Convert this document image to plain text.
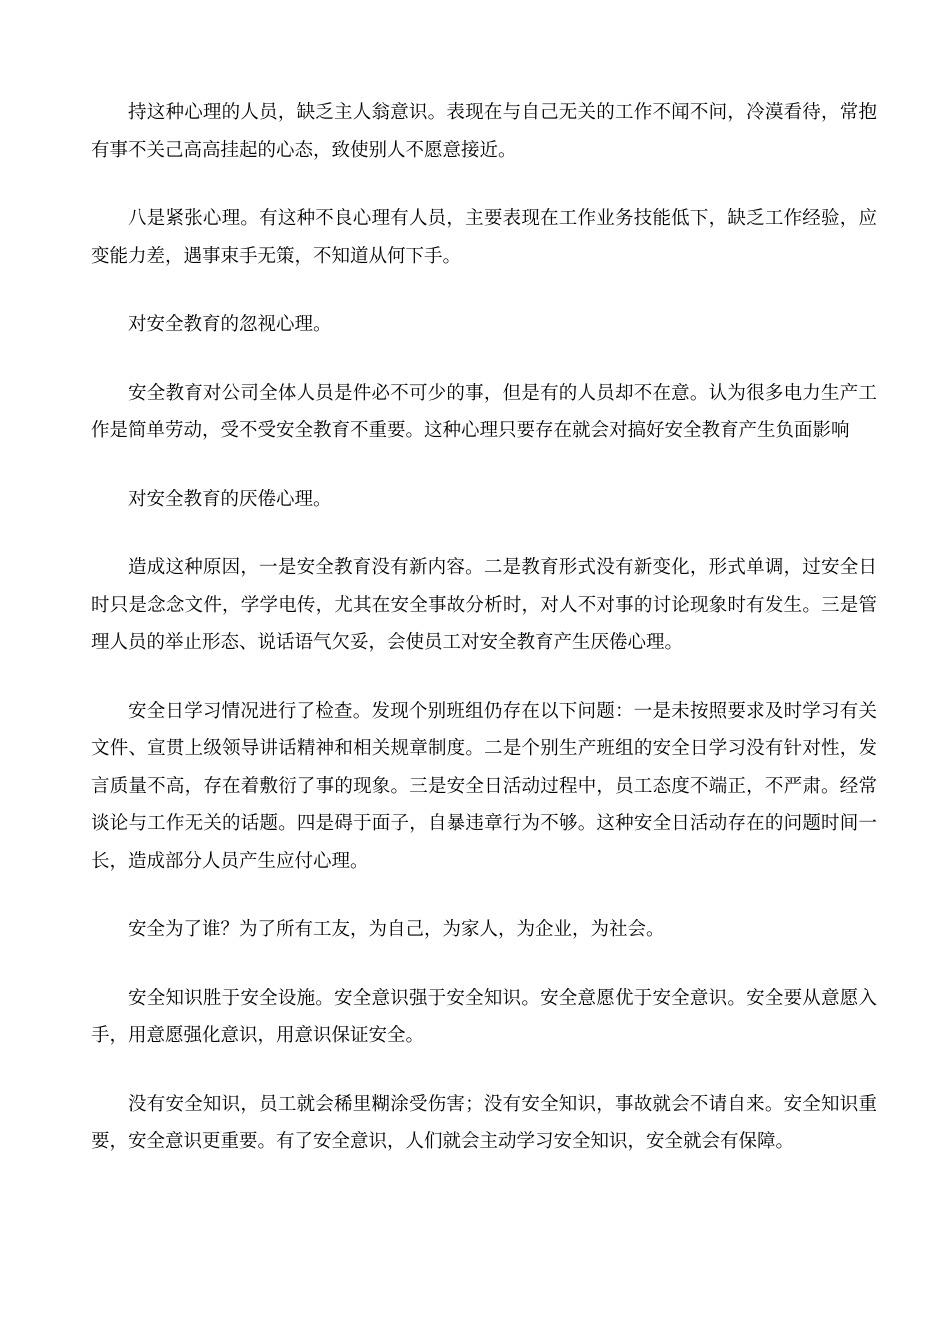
持这种心理的人员，缺乏主人翁意识。表现在与自己无关的工作不闻不问，冷漠看待，常抱有事不关己高高挂起的心态，致使别人不愿意接近。

八是紧张心理。有这种不良心理有人员，主要表现在工作业务技能低下，缺乏工作经验，应变能力差，遇事束手无策，不知道从何下手。

对安全教育的忽视心理。

安全教育对公司全体人员是件必不可少的事，但是有的人员却不在意。认为很多电力生产工作是简单劳动，受不受安全教育不重要。这种心理只要存在就会对搞好安全教育产生负面影响

对安全教育的厌倦心理。

造成这种原因，一是安全教育没有新内容。二是教育形式没有新变化，形式单调，过安全日时只是念念文件，学学电传，尤其在安全事故分析时，对人不对事的讨论现象时有发生。三是管理人员的举止形态、说话语气欠妥，会使员工对安全教育产生厌倦心理。

安全日学习情况进行了检查。发现个别班组仍存在以下问题：一是未按照要求及时学习有关文件、宣贯上级领导讲话精神和相关规章制度。二是个别生产班组的安全日学习没有针对性，发言质量不高，存在着敷衍了事的现象。三是安全日活动过程中，员工态度不端正，不严肃。经常谈论与工作无关的话题。四是碍于面子，自暴违章行为不够。这种安全日活动存在的问题时间一长，造成部分人员产生应付心理。

安全为了谁？为了所有工友，为自己，为家人，为企业，为社会。

安全知识胜于安全设施。安全意识强于安全知识。安全意愿优于安全意识。安全要从意愿入手，用意愿强化意识，用意识保证安全。

没有安全知识，员工就会稀里糊涂受伤害；没有安全知识，事故就会不请自来。安全知识重要，安全意识更重要。有了安全意识，人们就会主动学习安全知识，安全就会有保障。
